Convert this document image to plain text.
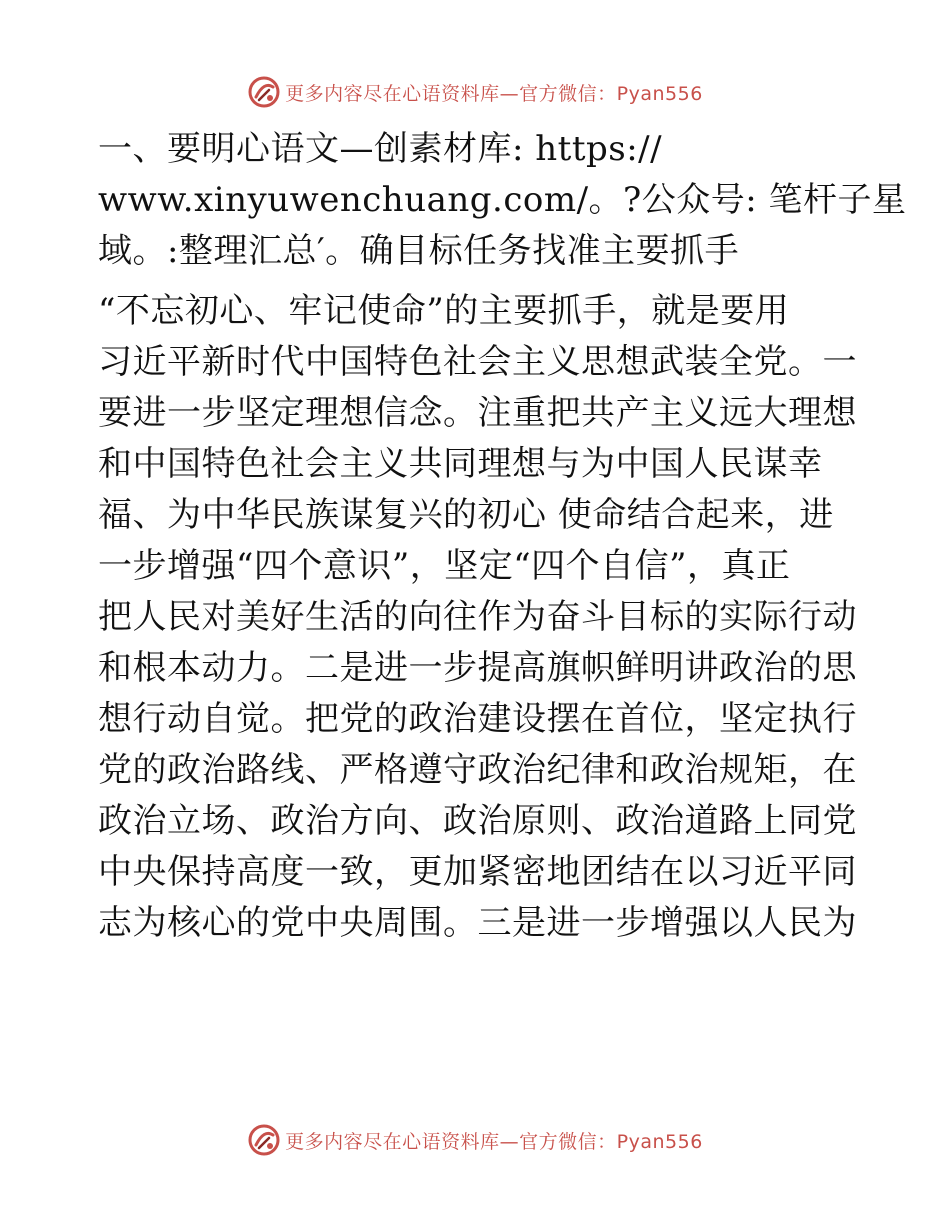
更多内容尽在心语资料库—官方微信：Pyan556
一、要明心语文—创素材库: https://
www.xinyuwenchuang.com/。?公众号: 笔杆子星
域。:整理汇总′。确目标任务找准主要抓手
“不忘初心、牢记使命”的主要抓手，就是要用
习近平新时代中国特色社会主义思想武装全党。一
要进一步坚定理想信念。注重把共产主义远大理想
和中国特色社会主义共同理想与为中国人民谋幸
福、为中华民族谋复兴的初心 使命结合起来，进
一步增强“四个意识”，坚定“四个自信”，真正
把人民对美好生活的向往作为奋斗目标的实际行动
和根本动力。二是进一步提高旗帜鲜明讲政治的思
想行动自觉。把党的政治建设摆在首位，坚定执行
党的政治路线、严格遵守政治纪律和政治规矩，在
政治立场、政治方向、政治原则、政治道路上同党
中央保持高度一致，更加紧密地团结在以习近平同
志为核心的党中央周围。三是进一步增强以人民为
更多内容尽在心语资料库—官方微信：Pyan556
